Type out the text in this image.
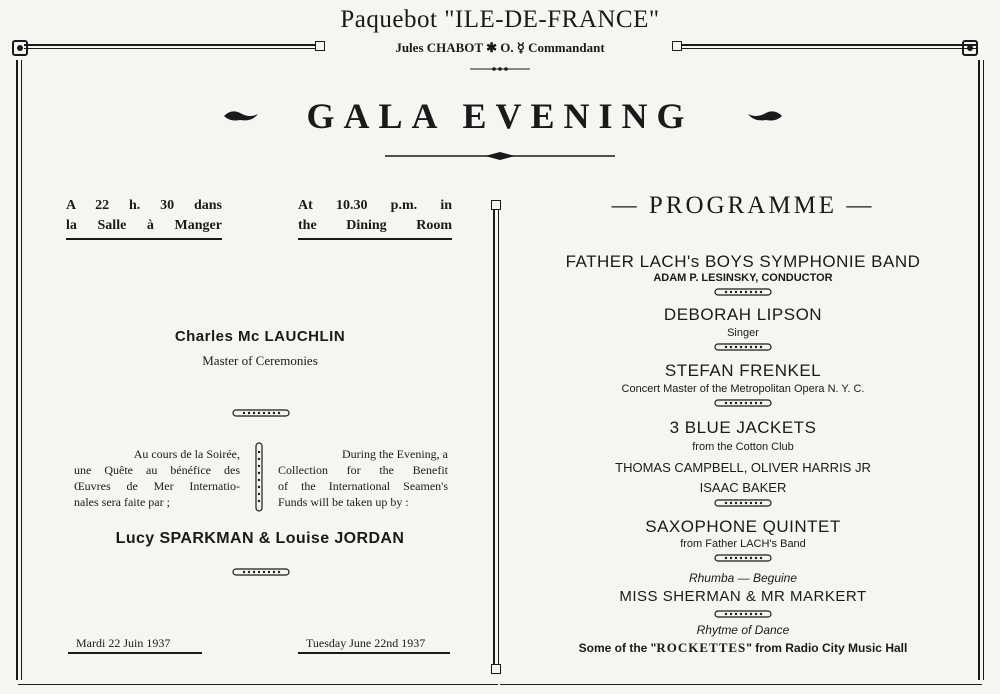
Paquebot "ILE-DE-FRANCE"
Jules CHABOT ✱ O. ☿ Commandant
GALA EVENING
A 22 h. 30 dans
la Salle à Manger
At 10.30 p.m. in
the Dining Room
Charles Mc LAUCHLIN
Master of Ceremonies
Au cours de la Soirée,
une Quête au bénéfice des
Œuvres de Mer Internatio-
nales sera faite par ;
During the Evening, a
Collection for the Benefit
of the International Seamen's
Funds will be taken up by :
Lucy SPARKMAN & Louise JORDAN
Mardi 22 Juin 1937	Tuesday June 22nd 1937
— PROGRAMME —
FATHER LACH's BOYS SYMPHONIE BAND
ADAM P. LESINSKY, CONDUCTOR
DEBORAH LIPSON
Singer
STEFAN FRENKEL
Concert Master of the Metropolitan Opera N. Y. C.
3 BLUE JACKETS
from the Cotton Club
THOMAS CAMPBELL, OLIVER HARRIS JR
ISAAC BAKER
SAXOPHONE QUINTET
from Father LACH's Band
Rhumba — Beguine
MISS SHERMAN & MR MARKERT
Rhytme of Dance
Some of the "ROCKETTES" from Radio City Music Hall
